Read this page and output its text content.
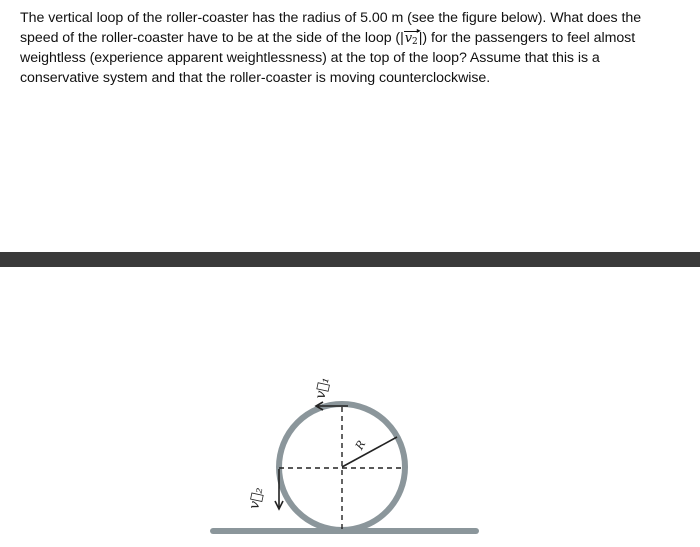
The vertical loop of the roller-coaster has the radius of 5.00 m (see the figure below). What does the speed of the roller-coaster have to be at the side of the loop ($|v_2$
▸
|) for the passengers to feel almost weightless (experience apparent weightlessness) at the top of the loop? Assume that this is a conservative system and that the roller-coaster is moving counterclockwise.
v⃗₁
v⃗₂
R
